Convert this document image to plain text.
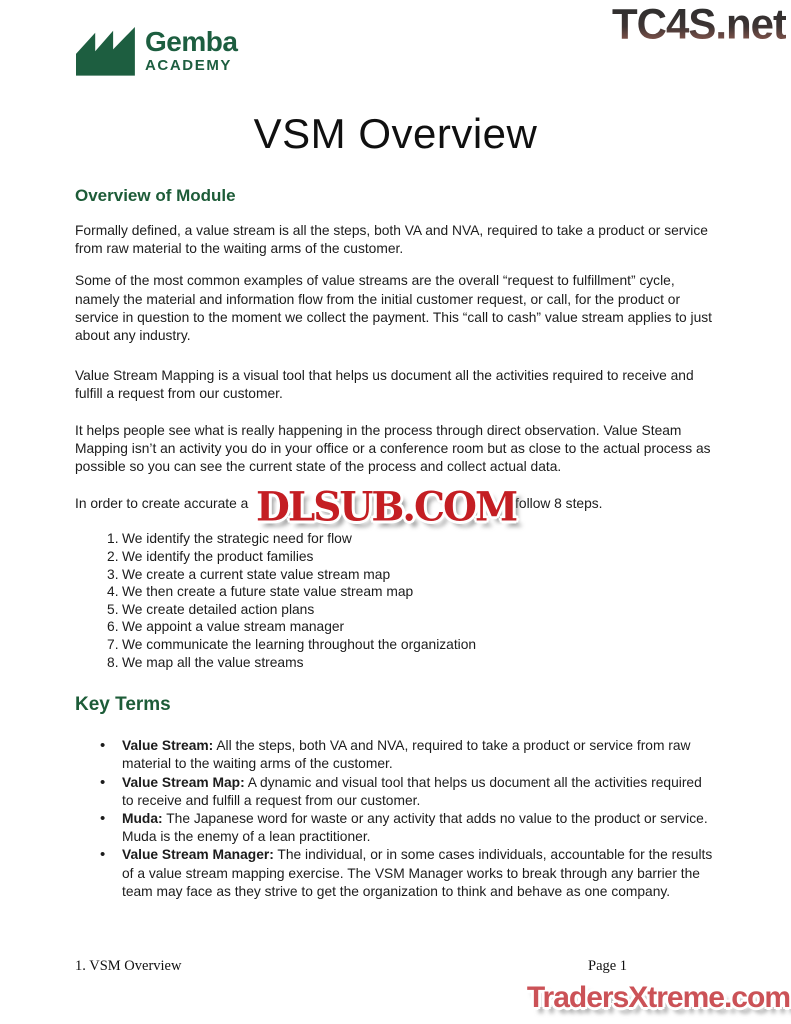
Gemba
ACADEMY
TC4S.net
VSM Overview
Overview of Module

Formally defined, a value stream is all the steps, both VA and NVA, required to take a product or service from raw material to the waiting arms of the customer.

Some of the most common examples of value streams are the overall “request to fulfillment” cycle, namely the material and information flow from the initial customer request, or call, for the product or service in question to the moment we collect the payment. This “call to cash” value stream applies to just about any industry.

Value Stream Mapping is a visual tool that helps us document all the activities required to receive and fulfill a request from our customer.

It helps people see what is really happening in the process through direct observation. Value Steam Mapping isn’t an activity you do in your office or a conference room but as close to the actual process as possible so you can see the current state of the process and collect actual data.

In order to create accurate a	y follow 8 steps.

We identify the strategic need for flow
We identify the product families
We create a current state value stream map
We then create a future state value stream map
We create detailed action plans
We appoint a value stream manager
We communicate the learning throughout the organization
We map all the value streams
Key Terms
• Value Stream: All the steps, both VA and NVA, required to take a product or service from raw material to the waiting arms of the customer.
• Value Stream Map: A dynamic and visual tool that helps us document all the activities required to receive and fulfill a request from our customer.
• Muda: The Japanese word for waste or any activity that adds no value to the product or service. Muda is the enemy of a lean practitioner.
• Value Stream Manager: The individual, or in some cases individuals, accountable for the results of a value stream mapping exercise. The VSM Manager works to break through any barrier the team may face as they strive to get the organization to think and behave as one company.
DLSUB.COM
1. VSM Overview	Page 1
TradersXtreme.com
